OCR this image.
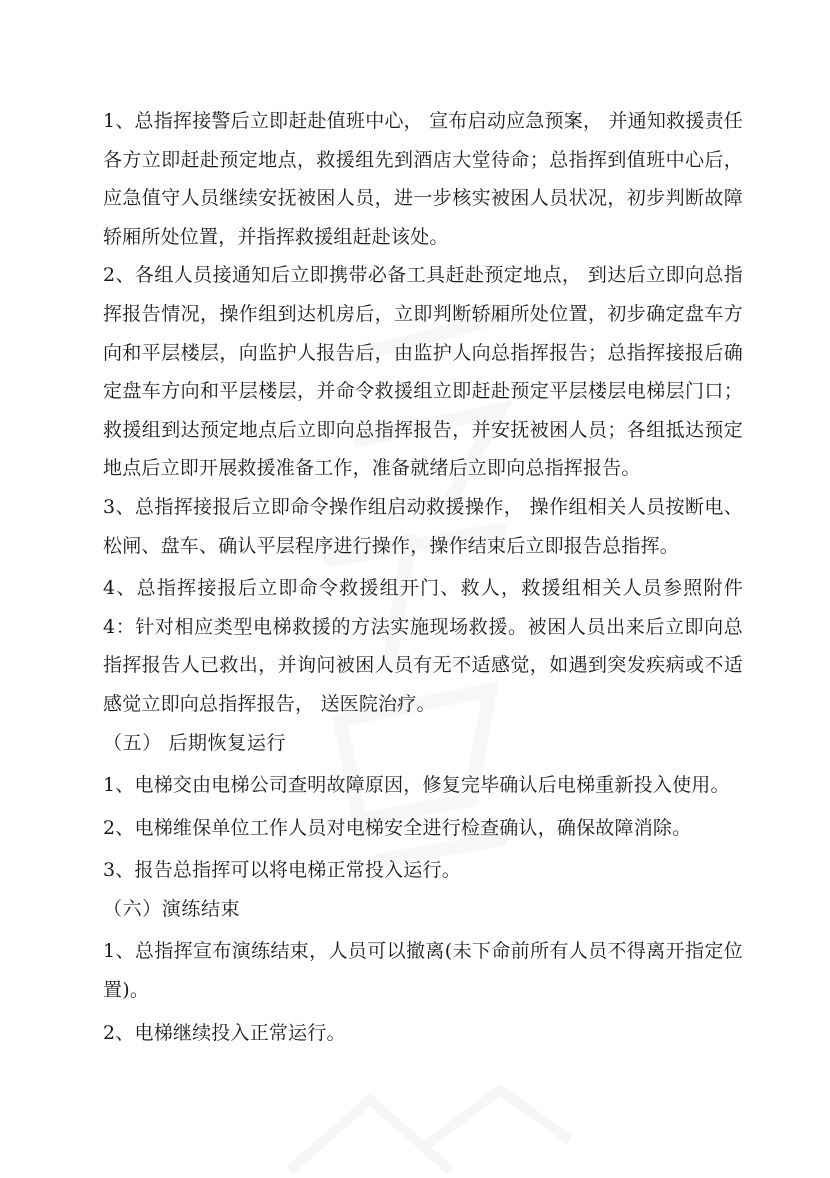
1、总指挥接警后立即赶赴值班中心， 宣布启动应急预案， 并通知救援责任各方立即赶赴预定地点，救援组先到酒店大堂待命；总指挥到值班中心后，应急值守人员继续安抚被困人员，进一步核实被困人员状况，初步判断故障轿厢所处位置，并指挥救援组赶赴该处。

2、各组人员接通知后立即携带必备工具赶赴预定地点， 到达后立即向总指挥报告情况，操作组到达机房后，立即判断轿厢所处位置，初步确定盘车方向和平层楼层，向监护人报告后，由监护人向总指挥报告；总指挥接报后确定盘车方向和平层楼层，并命令救援组立即赶赴预定平层楼层电梯层门口；救援组到达预定地点后立即向总指挥报告，并安抚被困人员；各组抵达预定地点后立即开展救援准备工作，准备就绪后立即向总指挥报告。

3、总指挥接报后立即命令操作组启动救援操作， 操作组相关人员按断电、 松闸、盘车、确认平层程序进行操作，操作结束后立即报告总指挥。

4、总指挥接报后立即命令救援组开门、救人，救援组相关人员参照附件 4：针对相应类型电梯救援的方法实施现场救援。被困人员出来后立即向总指挥报告人已救出，并询问被困人员有无不适感觉，如遇到突发疾病或不适感觉立即向总指挥报告， 送医院治疗。

（五） 后期恢复运行

1、电梯交由电梯公司查明故障原因，修复完毕确认后电梯重新投入使用。

2、电梯维保单位工作人员对电梯安全进行检查确认，确保故障消除。

3、报告总指挥可以将电梯正常投入运行。

（六）演练结束

1、总指挥宣布演练结束，人员可以撤离(未下命前所有人员不得离开指定位置)。

2、电梯继续投入正常运行。
